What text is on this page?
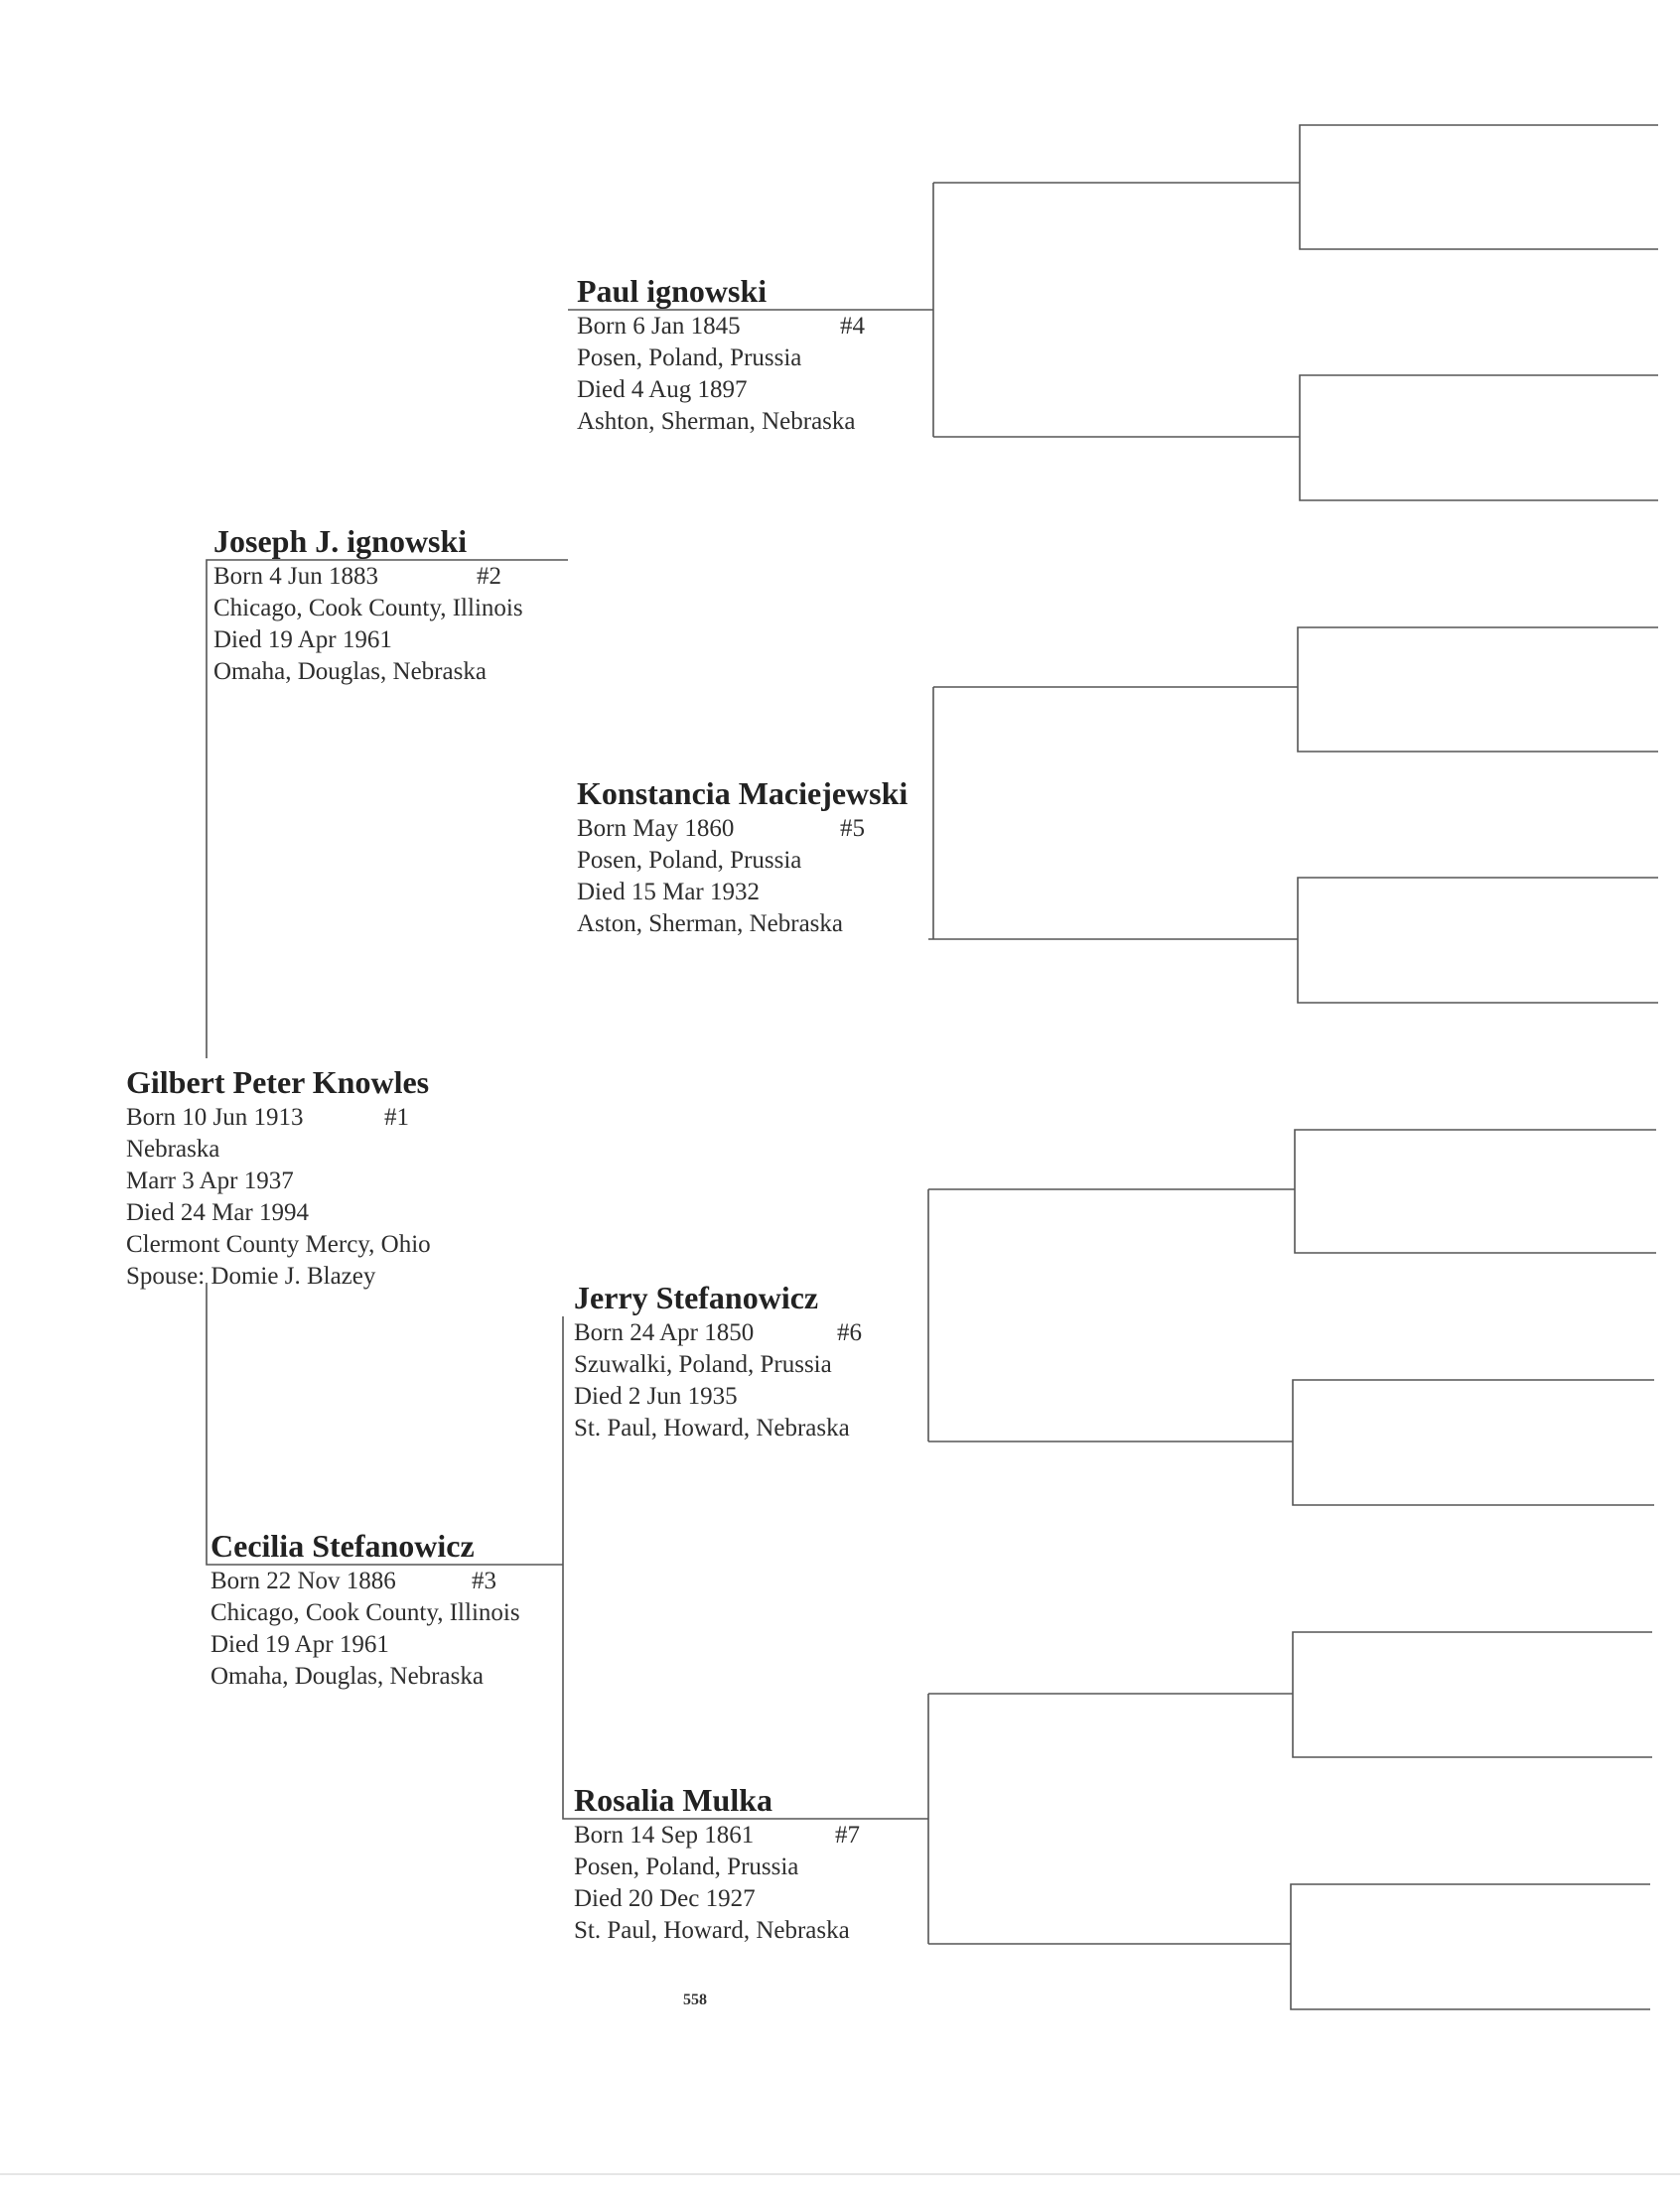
Gilbert Peter Knowles
Born 10 Jun 1913	#1
Nebraska
Marr 3 Apr 1937
Died 24 Mar 1994
Clermont County Mercy, Ohio
Spouse: Domie J. Blazey
Joseph J. ignowski
Born 4 Jun 1883	#2
Chicago, Cook County, Illinois
Died 19 Apr 1961
Omaha, Douglas, Nebraska
Cecilia Stefanowicz
Born 22 Nov 1886	#3
Chicago, Cook County, Illinois
Died 19 Apr 1961
Omaha, Douglas, Nebraska
Paul ignowski
Born 6 Jan 1845	#4
Posen, Poland, Prussia
Died 4 Aug 1897
Ashton, Sherman, Nebraska
Konstancia Maciejewski
Born May 1860	#5
Posen, Poland, Prussia
Died 15 Mar 1932
Aston, Sherman, Nebraska
Jerry Stefanowicz
Born 24 Apr 1850	#6
Szuwalki, Poland, Prussia
Died 2 Jun 1935
St. Paul, Howard, Nebraska
Rosalia Mulka
Born 14 Sep 1861	#7
Posen, Poland, Prussia
Died 20 Dec 1927
St. Paul, Howard, Nebraska
558
